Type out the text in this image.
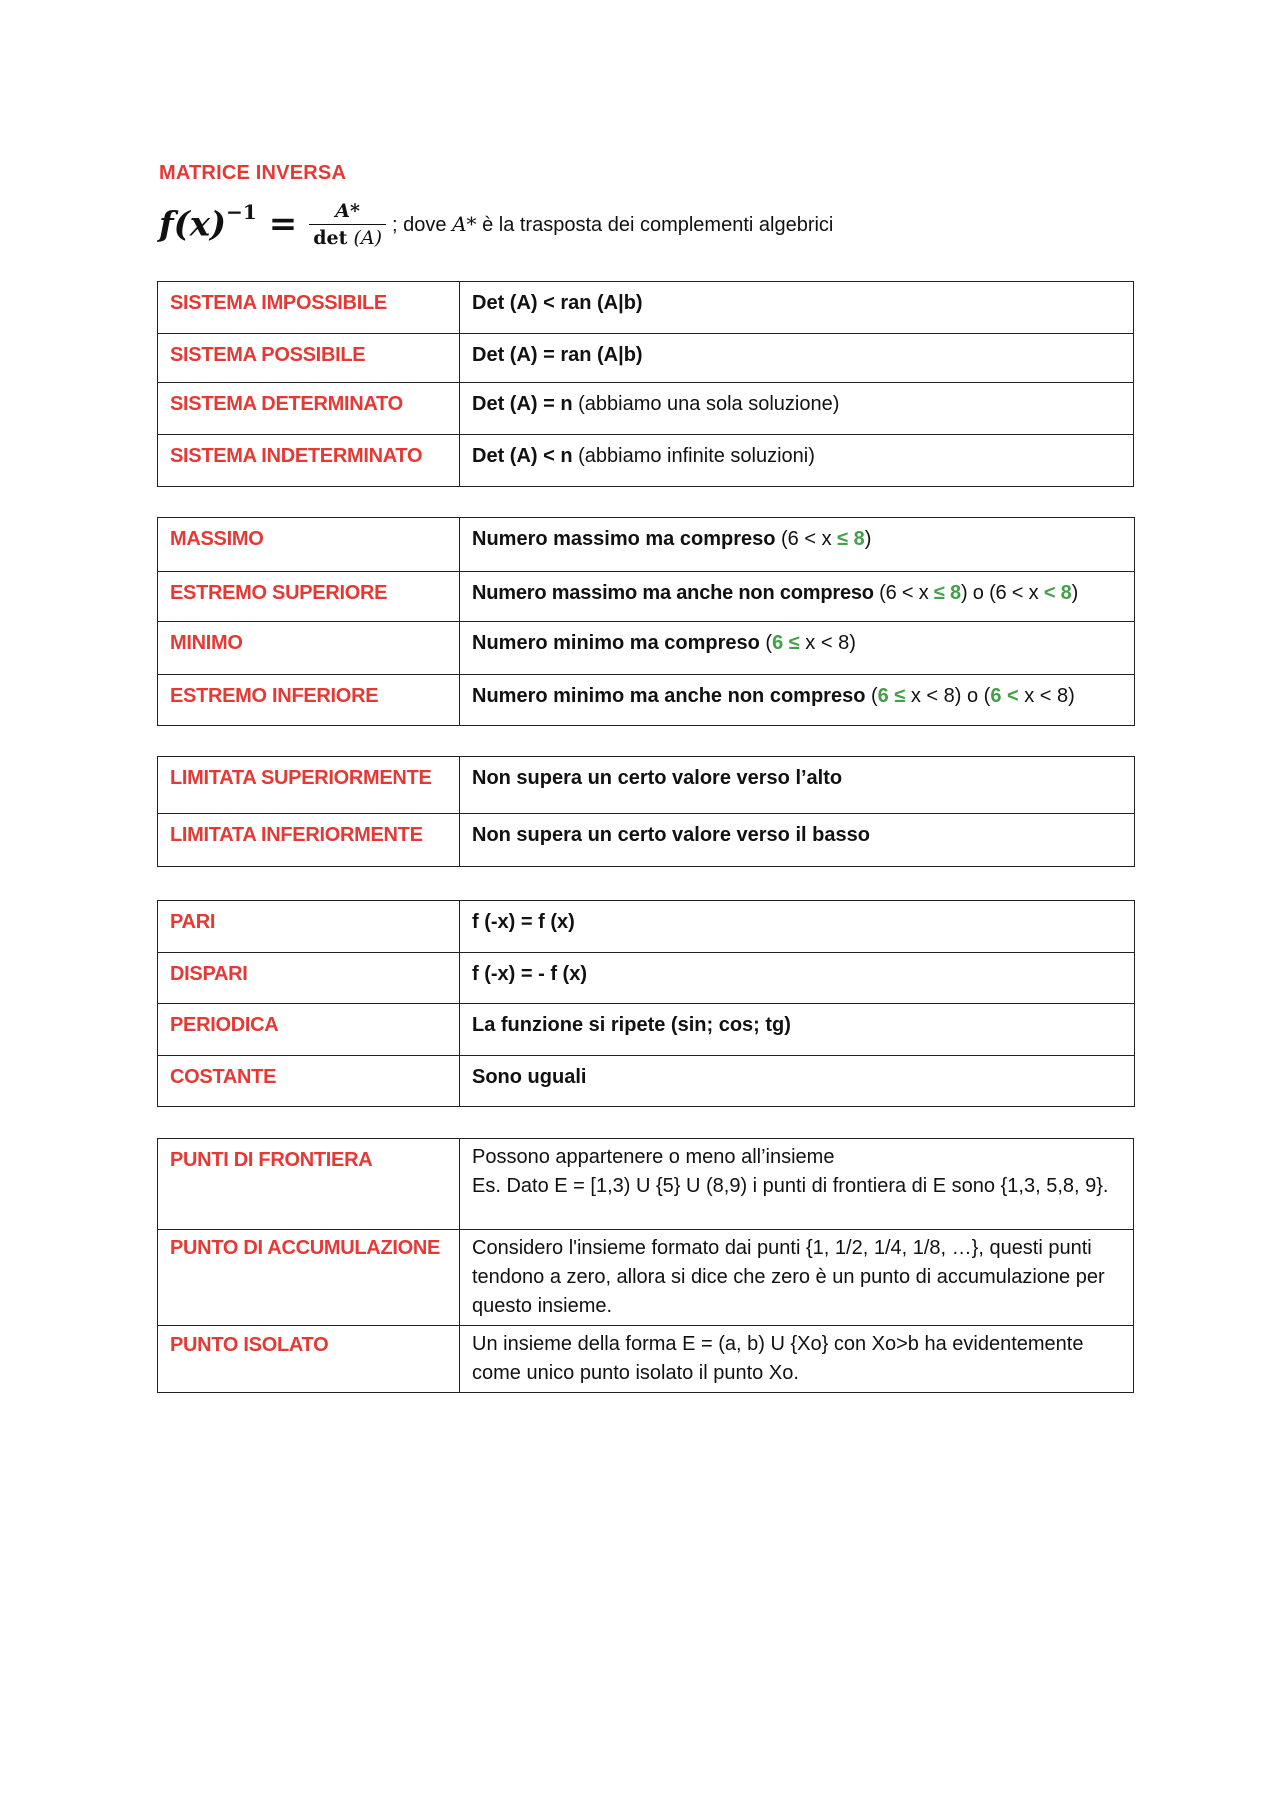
MATRICE INVERSA
$f(x)^{-1} = \frac{A*}{\det (A)}$ ; dove A* è la trasposta dei complementi algebrici
SISTEMA IMPOSSIBILE	Det (A) < ran (A|b)
SISTEMA POSSIBILE	Det (A) = ran (A|b)
SISTEMA DETERMINATO	Det (A) = n (abbiamo una sola soluzione)
SISTEMA INDETERMINATO	Det (A) < n (abbiamo infinite soluzioni)
MASSIMO	Numero massimo ma compreso (6 < x ≤ 8)
ESTREMO SUPERIORE	Numero massimo ma anche non compreso (6 < x ≤ 8) o (6 < x < 8)
MINIMO	Numero minimo ma compreso (6 ≤ x < 8)
ESTREMO INFERIORE	Numero minimo ma anche non compreso (6 ≤ x < 8) o (6 < x < 8)
LIMITATA SUPERIORMENTE	Non supera un certo valore verso l’alto
LIMITATA INFERIORMENTE	Non supera un certo valore verso il basso
PARI	f (-x) = f (x)
DISPARI	f (-x) = - f (x)
PERIODICA	La funzione si ripete (sin; cos; tg)
COSTANTE	Sono uguali
PUNTI DI FRONTIERA	Possono appartenere o meno all’insieme
Es. Dato E = [1,3) U {5} U (8,9) i punti di frontiera di E sono {1,3, 5,8, 9}.

PUNTO DI ACCUMULAZIONE	Considero l'insieme formato dai punti {1, 1/2, 1/4, 1/8, …}, questi punti tendono a zero, allora si dice che zero è un punto di accumulazione per questo insieme.
PUNTO ISOLATO	Un insieme della forma E = (a, b) U {Xo} con Xo>b ha evidentemente come unico punto isolato il punto Xo.
